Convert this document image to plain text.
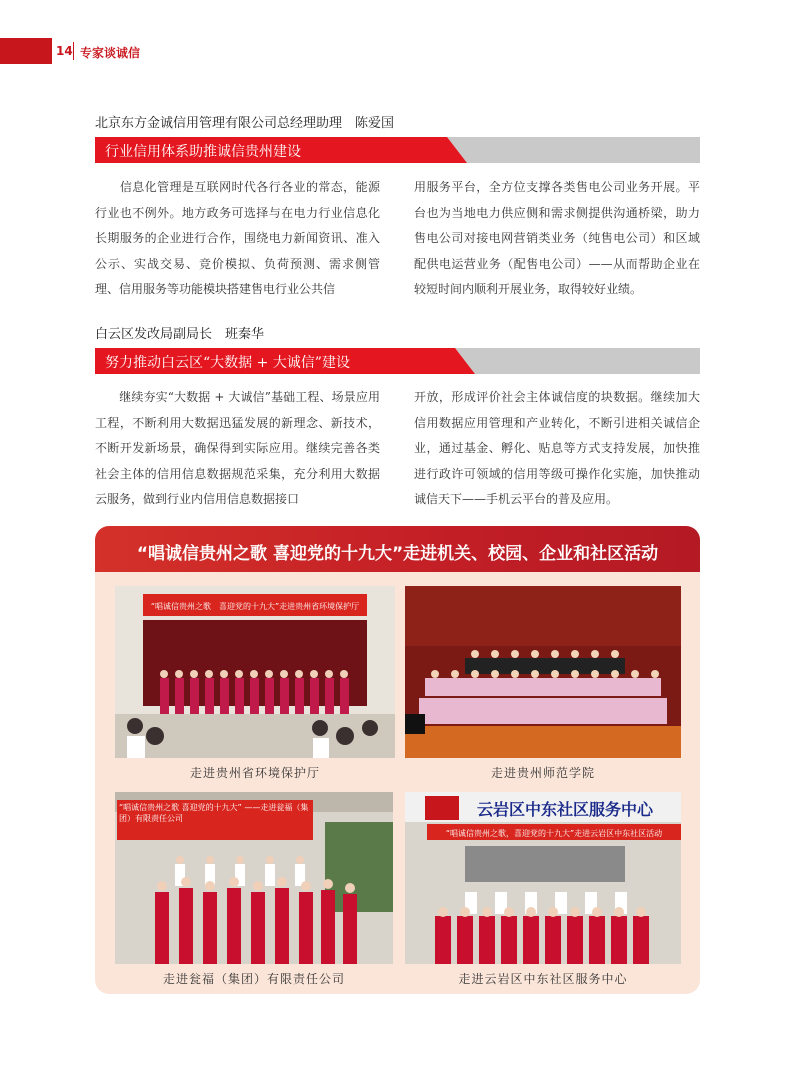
14 专家谈诚信
北京东方金诚信用管理有限公司总经理助理　陈爱国
行业信用体系助推诚信贵州建设

　　信息化管理是互联网时代各行各业的常态，能源行业也不例外。地方政务可选择与在电力行业信息化长期服务的企业进行合作，围绕电力新闻资讯、准入公示、实战交易、竞价模拟、负荷预测、需求侧管理、信用服务等功能模块搭建售电行业公共信

用服务平台，全方位支撑各类售电公司业务开展。平台也为当地电力供应侧和需求侧提供沟通桥梁，助力售电公司对接电网营销类业务（纯售电公司）和区域配供电运营业务（配售电公司）——从而帮助企业在较短时间内顺利开展业务，取得较好业绩。

白云区发改局副局长　班秦华
努力推动白云区“大数据 + 大诚信”建设

　　继续夯实“大数据 + 大诚信”基础工程、场景应用工程，不断利用大数据迅猛发展的新理念、新技术，不断开发新场景，确保得到实际应用。继续完善各类社会主体的信用信息数据规范采集，充分利用大数据云服务，做到行业内信用信息数据接口

开放，形成评价社会主体诚信度的块数据。继续加大信用数据应用管理和产业转化，不断引进相关诚信企业，通过基金、孵化、贴息等方式支持发展，加快推进行政许可领域的信用等级可操作化实施，加快推动诚信天下——手机云平台的普及应用。

“唱诚信贵州之歌 喜迎党的十九大”走进机关、校园、企业和社区活动
“唱诚信贵州之歌　喜迎党的十九大”走进贵州省环境保护厅
走进贵州省环境保护厅	走进贵州师范学院
“唱诚信贵州之歌 喜迎党的十九大” ——走进瓮福（集团）有限责任公司
走进瓮福（集团）有限责任公司
云岩区中东社区服务中心
“唱诚信贵州之歌，喜迎党的十九大”走进云岩区中东社区活动
走进云岩区中东社区服务中心
